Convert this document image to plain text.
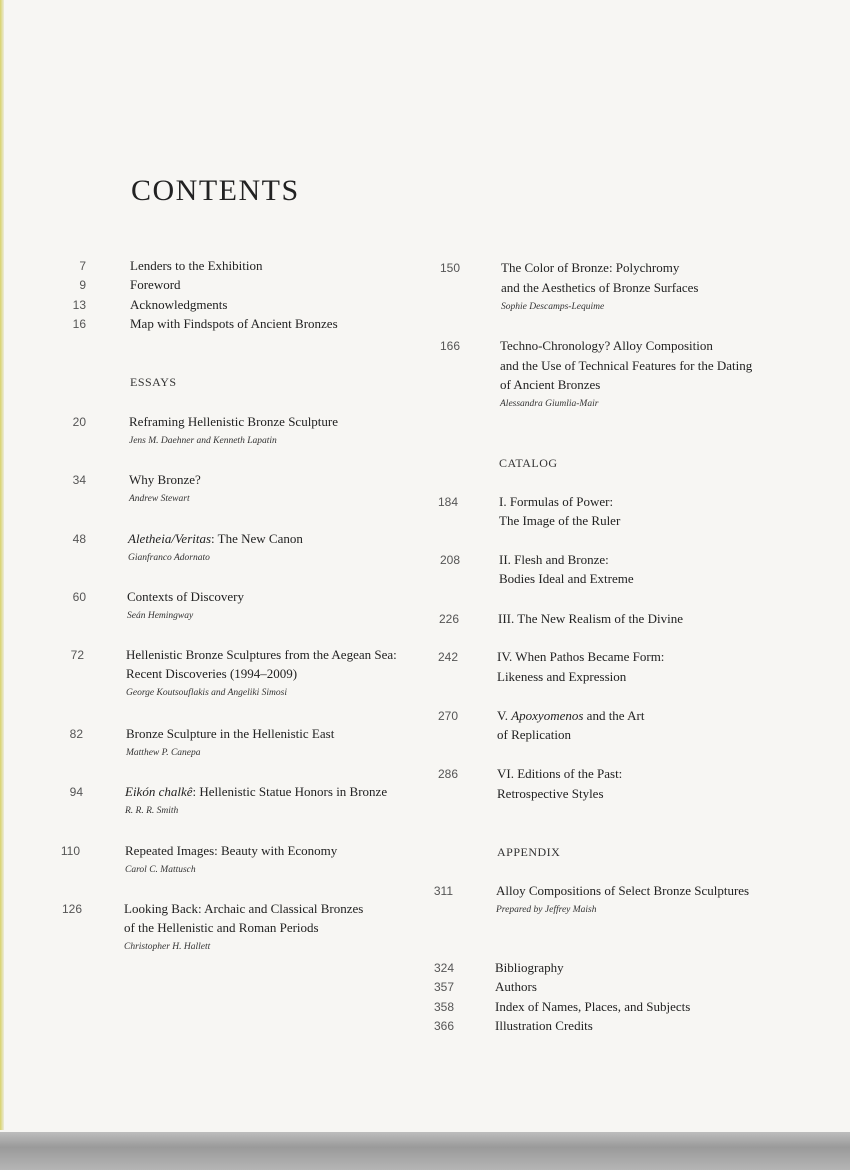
CONTENTS
7	Lenders to the Exhibition
9	Foreword
13	Acknowledgments
16	Map with Findspots of Ancient Bronzes
ESSAYS
20	Reframing Hellenistic Bronze Sculpture
Jens M. Daehner and Kenneth Lapatin
34	Why Bronze?
Andrew Stewart
48	Aletheia/Veritas: The New Canon
Gianfranco Adornato
60	Contexts of Discovery
Seán Hemingway
72	Hellenistic Bronze Sculptures from the Aegean Sea:
Recent Discoveries (1994–2009)
George Koutsouflakis and Angeliki Simosi
82	Bronze Sculpture in the Hellenistic East
Matthew P. Canepa
94	Eikón chalkê: Hellenistic Statue Honors in Bronze
R. R. R. Smith
110	Repeated Images: Beauty with Economy
Carol C. Mattusch
126	Looking Back: Archaic and Classical Bronzes
of the Hellenistic and Roman Periods
Christopher H. Hallett
150	The Color of Bronze: Polychromy
and the Aesthetics of Bronze Surfaces
Sophie Descamps-Lequime
166	Techno-Chronology? Alloy Composition
and the Use of Technical Features for the Dating
of Ancient Bronzes
Alessandra Giumlia-Mair
CATALOG
184	I. Formulas of Power:
The Image of the Ruler
208	II. Flesh and Bronze:
Bodies Ideal and Extreme
226	III. The New Realism of the Divine
242	IV. When Pathos Became Form:
Likeness and Expression
270	V. Apoxyomenos and the Art
of Replication
286	VI. Editions of the Past:
Retrospective Styles
APPENDIX
311	Alloy Compositions of Select Bronze Sculptures
Prepared by Jeffrey Maish
324	Bibliography
357	Authors
358	Index of Names, Places, and Subjects
366	Illustration Credits
